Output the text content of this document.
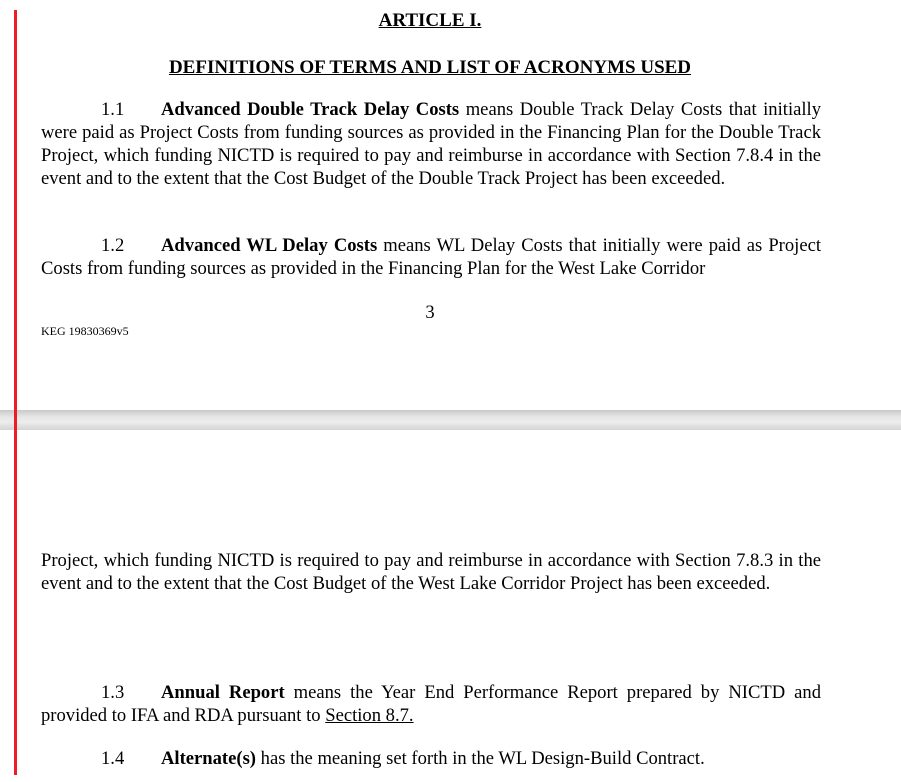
ARTICLE I.
DEFINITIONS OF TERMS AND LIST OF ACRONYMS USED

1.1 Advanced Double Track Delay Costs means Double Track Delay Costs that initially were paid as Project Costs from funding sources as provided in the Financing Plan for the Double Track Project, which funding NICTD is required to pay and reimburse in accordance with Section 7.8.4 in the event and to the extent that the Cost Budget of the Double Track Project has been exceeded.

1.2 Advanced WL Delay Costs means WL Delay Costs that initially were paid as Project Costs from funding sources as provided in the Financing Plan for the West Lake Corridor

3
KEG 19830369v5

Project, which funding NICTD is required to pay and reimburse in accordance with Section 7.8.3 in the event and to the extent that the Cost Budget of the West Lake Corridor Project has been exceeded.

1.3 Annual Report means the Year End Performance Report prepared by NICTD and provided to IFA and RDA pursuant to Section 8.7.

1.4 Alternate(s) has the meaning set forth in the WL Design-Build Contract.
